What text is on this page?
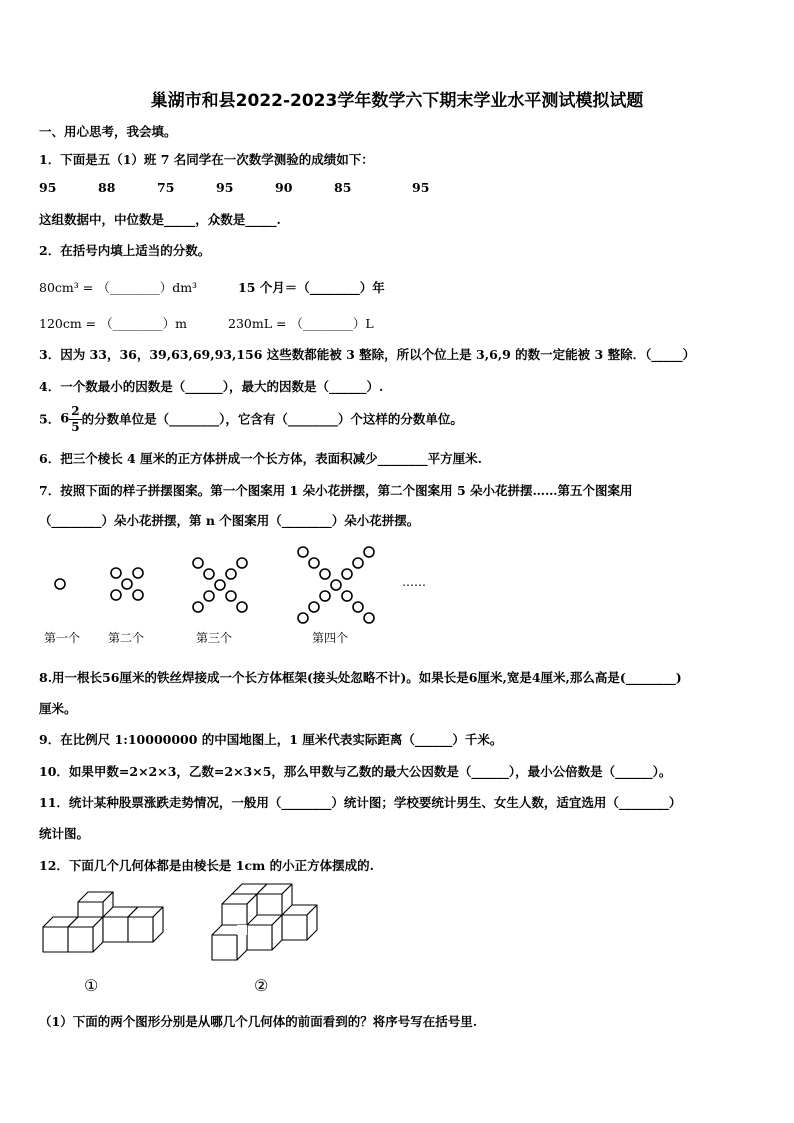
巢湖市和县2022-2023学年数学六下期末学业水平测试模拟试题
一、用心思考，我会填。
1．下面是五（1）班 7 名同学在一次数学测验的成绩如下：
95	88	75	95	90	85	95
这组数据中，中位数是_____，众数是_____.
2．在括号内填上适当的分数。
80cm³ = （________）dm³	15 个月＝（________）年
120cm = （________）m	230mL = （________）L
3．因为 33，36，39,63,69,93,156 这些数都能被 3 整除，所以个位上是 3,6,9 的数一定能被 3 整除．（_____）
4．一个数最小的因数是（______），最大的因数是（______）.
5．$6 \frac{2}{5}$ 的分数单位是（________），它含有（________）个这样的分数单位。
6．把三个棱长 4 厘米的正方体拼成一个长方体，表面积减少________平方厘米.
7．按照下面的样子拼摆图案。第一个图案用 1 朵小花拼摆，第二个图案用 5 朵小花拼摆……第五个图案用
（________）朵小花拼摆，第 n 个图案用（________）朵小花拼摆。
……
第一个 第二个	第三个	第四个
8.用一根长56厘米的铁丝焊接成一个长方体框架(接头处忽略不计)。如果长是6厘米,宽是4厘米,那么高是(________)
厘米。
9．在比例尺 1:10000000 的中国地图上，1 厘米代表实际距离（______）千米。
10．如果甲数=2×2×3，乙数=2×3×5，那么甲数与乙数的最大公因数是（______），最小公倍数是（______）。
11．统计某种股票涨跌走势情况，一般用（________）统计图；学校要统计男生、女生人数，适宜选用（________）
统计图。
12．下面几个几何体都是由棱长是 1cm 的小正方体摆成的.
①	②
（1）下面的两个图形分别是从哪几个几何体的前面看到的？将序号写在括号里.
